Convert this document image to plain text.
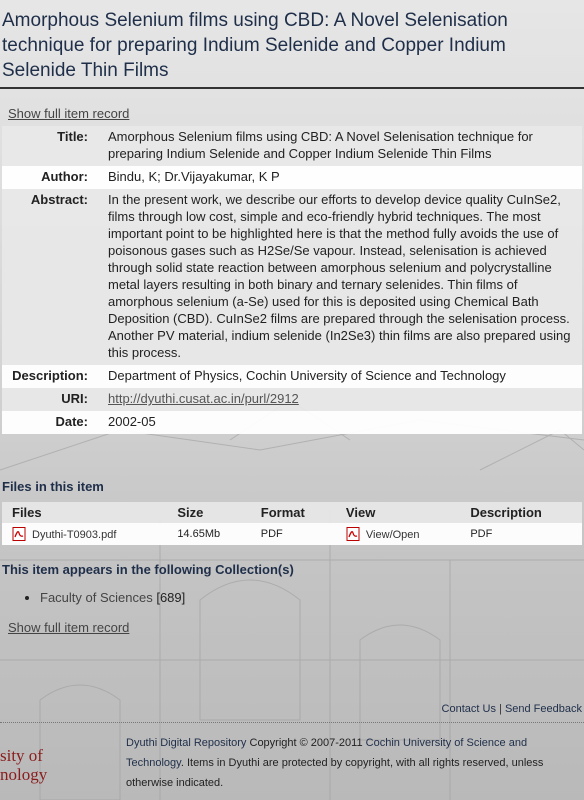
Amorphous Selenium films using CBD: A Novel Selenisation technique for preparing Indium Selenide and Copper Indium Selenide Thin Films
Show full item record
Title:	Amorphous Selenium films using CBD: A Novel Selenisation technique for preparing Indium Selenide and Copper Indium Selenide Thin Films
Author:	Bindu, K; Dr.Vijayakumar, K P
Abstract:	In the present work, we describe our efforts to develop device quality CuInSe2, films through low cost, simple and eco-friendly hybrid techniques. The most important point to be highlighted here is that the method fully avoids the use of poisonous gases such as H2Se/Se vapour. Instead, selenisation is achieved through solid state reaction between amorphous selenium and polycrystalline metal layers resulting in both binary and ternary selenides. Thin films of amorphous selenium (a-Se) used for this is deposited using Chemical Bath Deposition (CBD). CuInSe2 films are prepared through the selenisation process. Another PV material, indium selenide (In2Se3) thin films are also prepared using this process.
Description:	Department of Physics, Cochin University of Science and Technology
URI:	http://dyuthi.cusat.ac.in/purl/2912
Date:	2002-05
Files in this item
Files	Size	Format	View	Description
Dyuthi-T0903.pdf	14.65Mb	PDF	View/Open	PDF
This item appears in the following Collection(s)
• Faculty of Sciences [689]
Show full item record
Contact Us | Send Feedback
sity of
nology
Dyuthi Digital Repository Copyright © 2007-2011 Cochin University of Science and Technology. Items in Dyuthi are protected by copyright, with all rights reserved, unless otherwise indicated.
